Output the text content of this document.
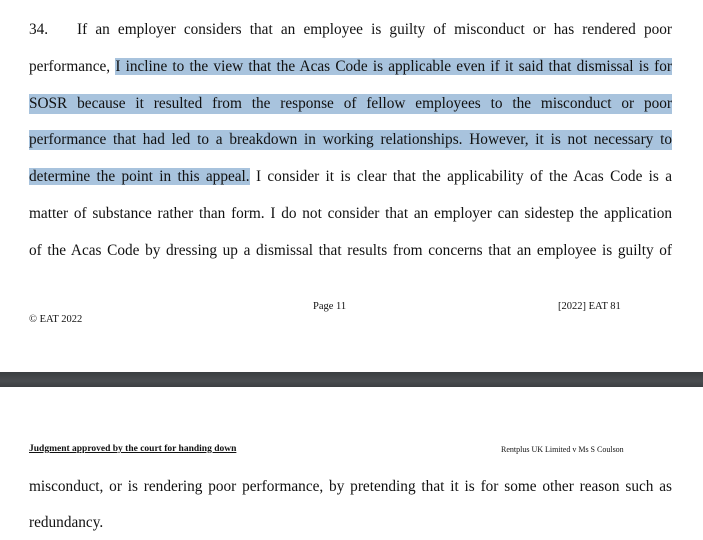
34. If an employer considers that an employee is guilty of misconduct or has rendered poor
performance, I incline to the view that the Acas Code is applicable even if it said that dismissal is for
SOSR because it resulted from the response of fellow employees to the misconduct or poor
performance that had led to a breakdown in working relationships. However, it is not necessary to
determine the point in this appeal. I consider it is clear that the applicability of the Acas Code is a
matter of substance rather than form. I do not consider that an employer can sidestep the application
of the Acas Code by dressing up a dismissal that results from concerns that an employee is guilty of
Page 11	[2022] EAT 81
© EAT 2022
Judgment approved by the court for handing down	Rentplus UK Limited v Ms S Coulson
misconduct, or is rendering poor performance, by pretending that it is for some other reason such as
redundancy.
